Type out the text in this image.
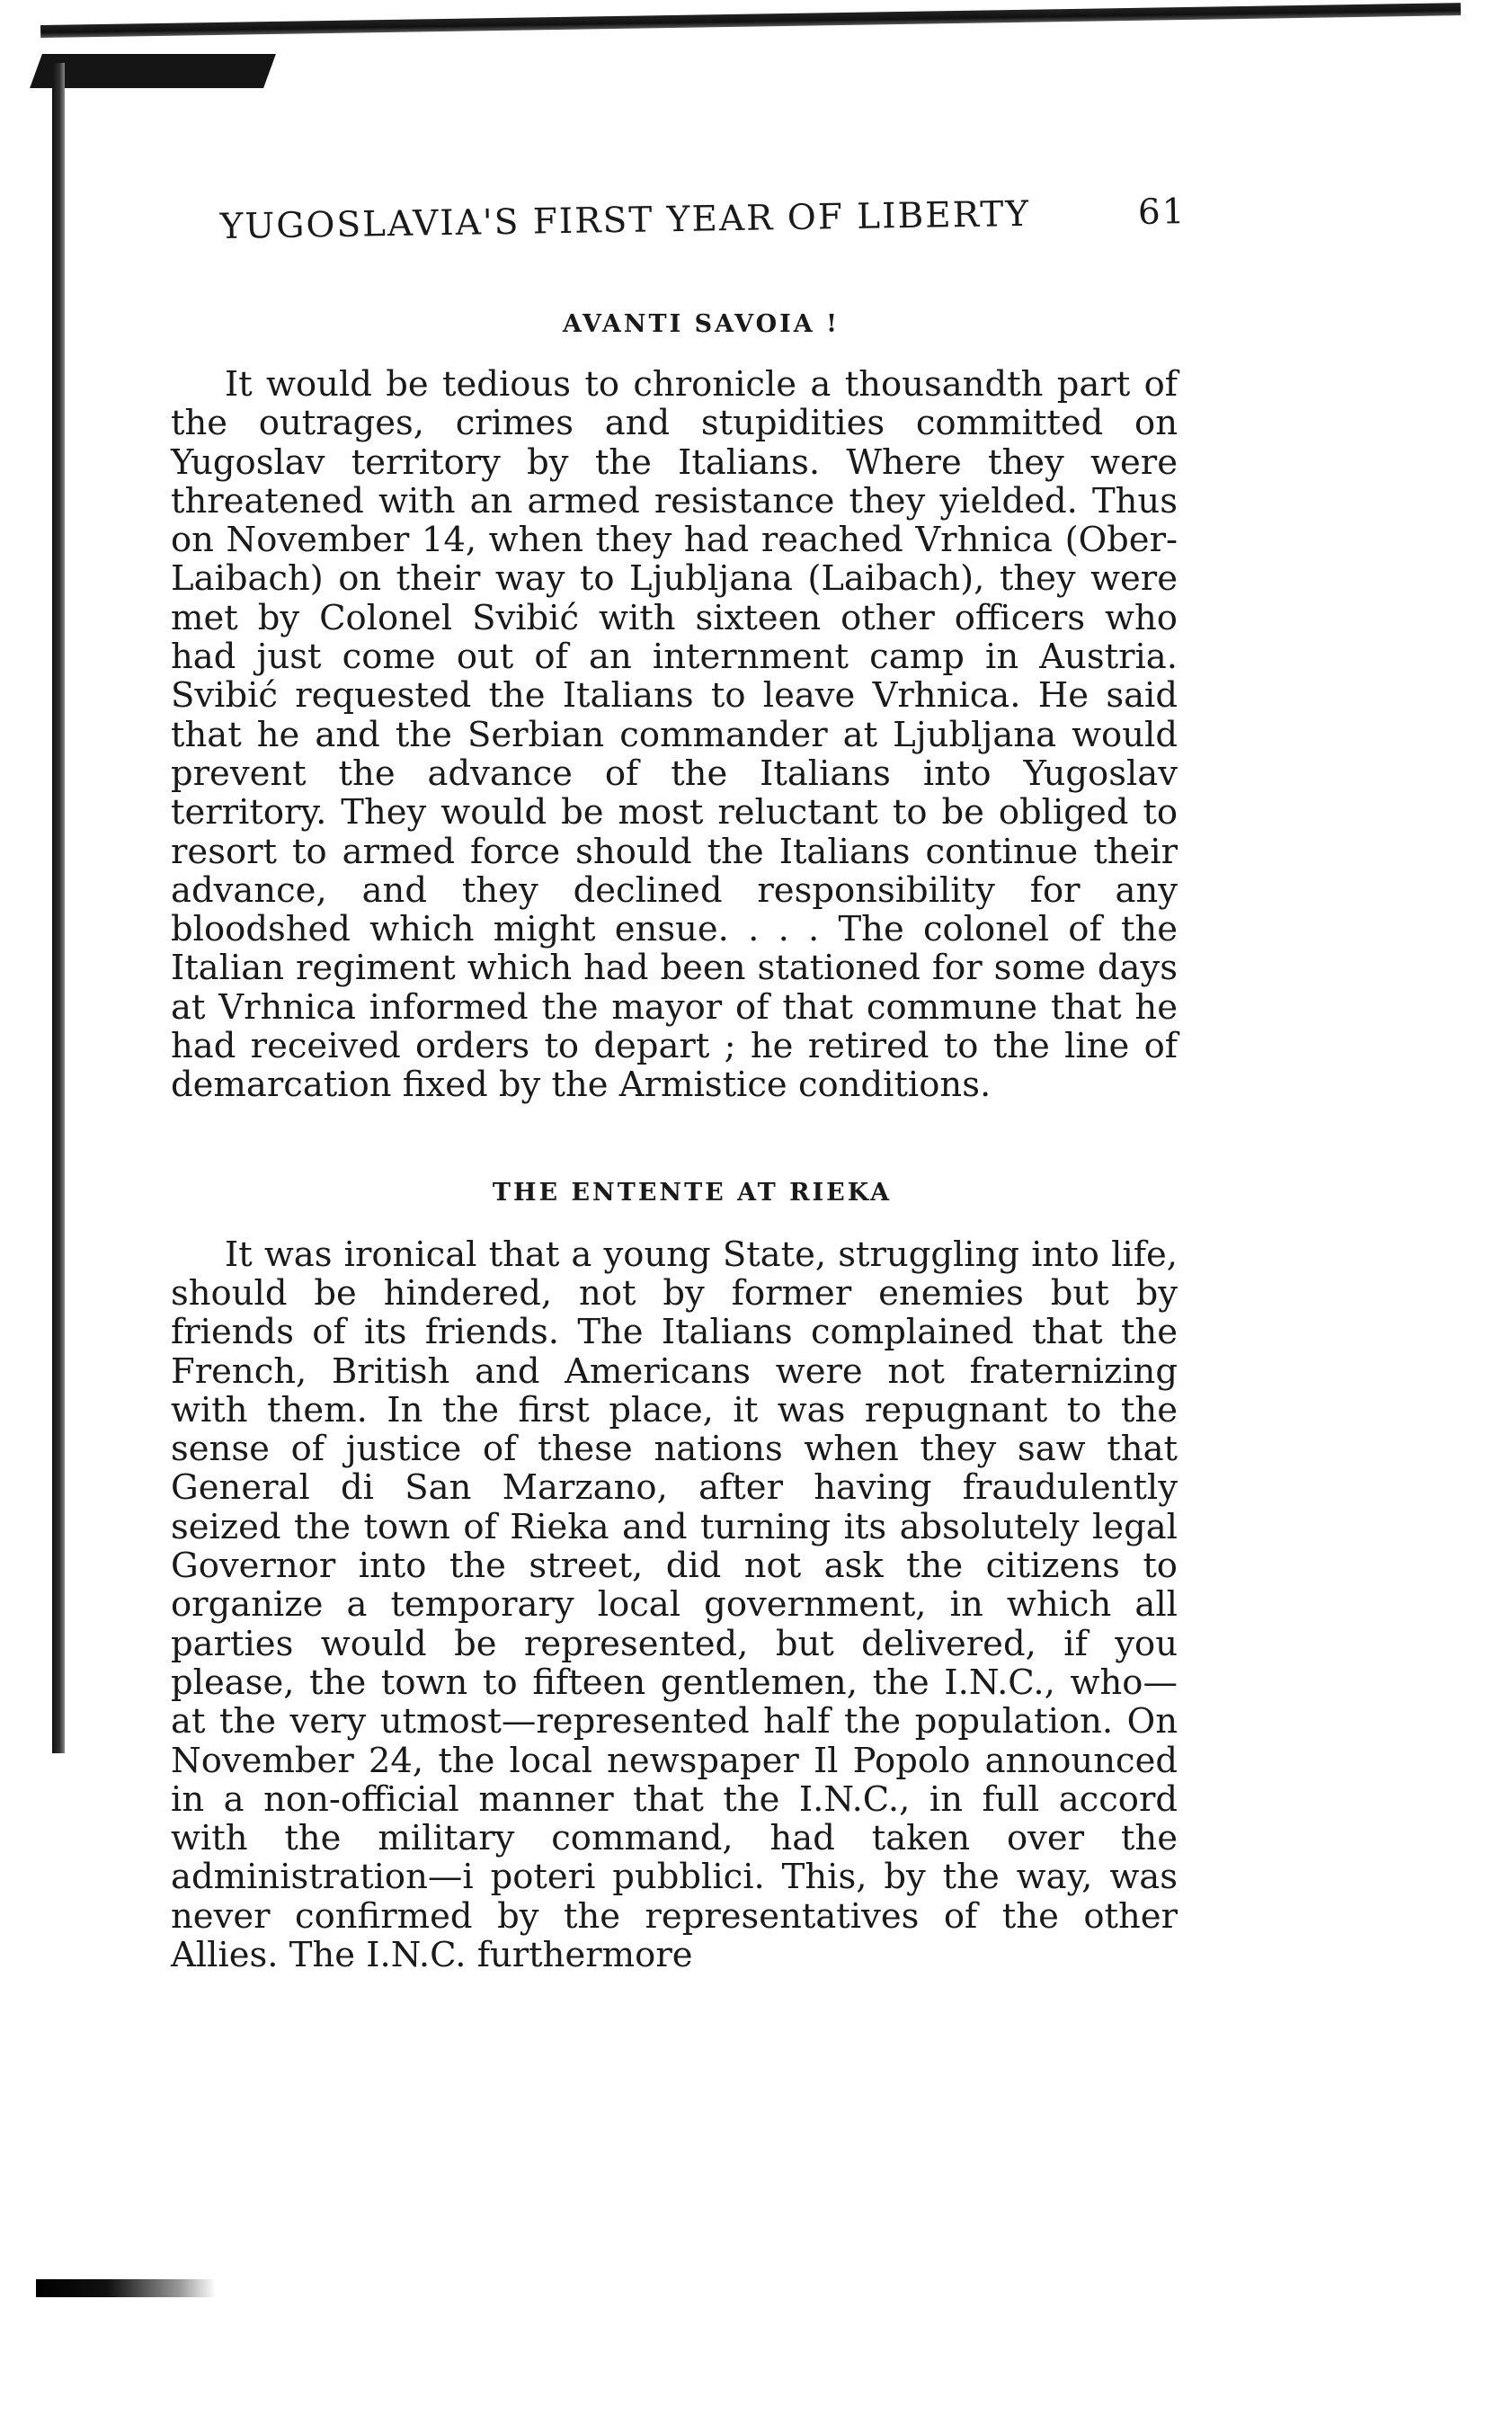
YUGOSLAVIA'S FIRST YEAR OF LIBERTY	61
AVANTI SAVOIA !

It would be tedious to chronicle a thousandth part of the outrages, crimes and stupidities committed on Yugoslav territory by the Italians. Where they were threatened with an armed resistance they yielded. Thus on November 14, when they had reached Vrhnica (Ober-Laibach) on their way to Ljubljana (Laibach), they were met by Colonel Svibić with sixteen other officers who had just come out of an internment camp in Austria. Svibić requested the Italians to leave Vrhnica. He said that he and the Serbian commander at Ljubljana would prevent the advance of the Italians into Yugoslav territory. They would be most reluctant to be obliged to resort to armed force should the Italians continue their advance, and they declined responsibility for any bloodshed which might ensue. . . . The colonel of the Italian regiment which had been stationed for some days at Vrhnica informed the mayor of that commune that he had received orders to depart ; he retired to the line of demarcation fixed by the Armistice conditions.

THE ENTENTE AT RIEKA

It was ironical that a young State, struggling into life, should be hindered, not by former enemies but by friends of its friends. The Italians complained that the French, British and Americans were not fraternizing with them. In the first place, it was repugnant to the sense of justice of these nations when they saw that General di San Marzano, after having fraudulently seized the town of Rieka and turning its absolutely legal Governor into the street, did not ask the citizens to organize a temporary local government, in which all parties would be represented, but delivered, if you please, the town to fifteen gentlemen, the I.N.C., who—at the very utmost—represented half the population. On November 24, the local newspaper Il Popolo announced in a non-official manner that the I.N.C., in full accord with the military command, had taken over the administration—i poteri pubblici. This, by the way, was never confirmed by the representatives of the other Allies. The I.N.C. furthermore
